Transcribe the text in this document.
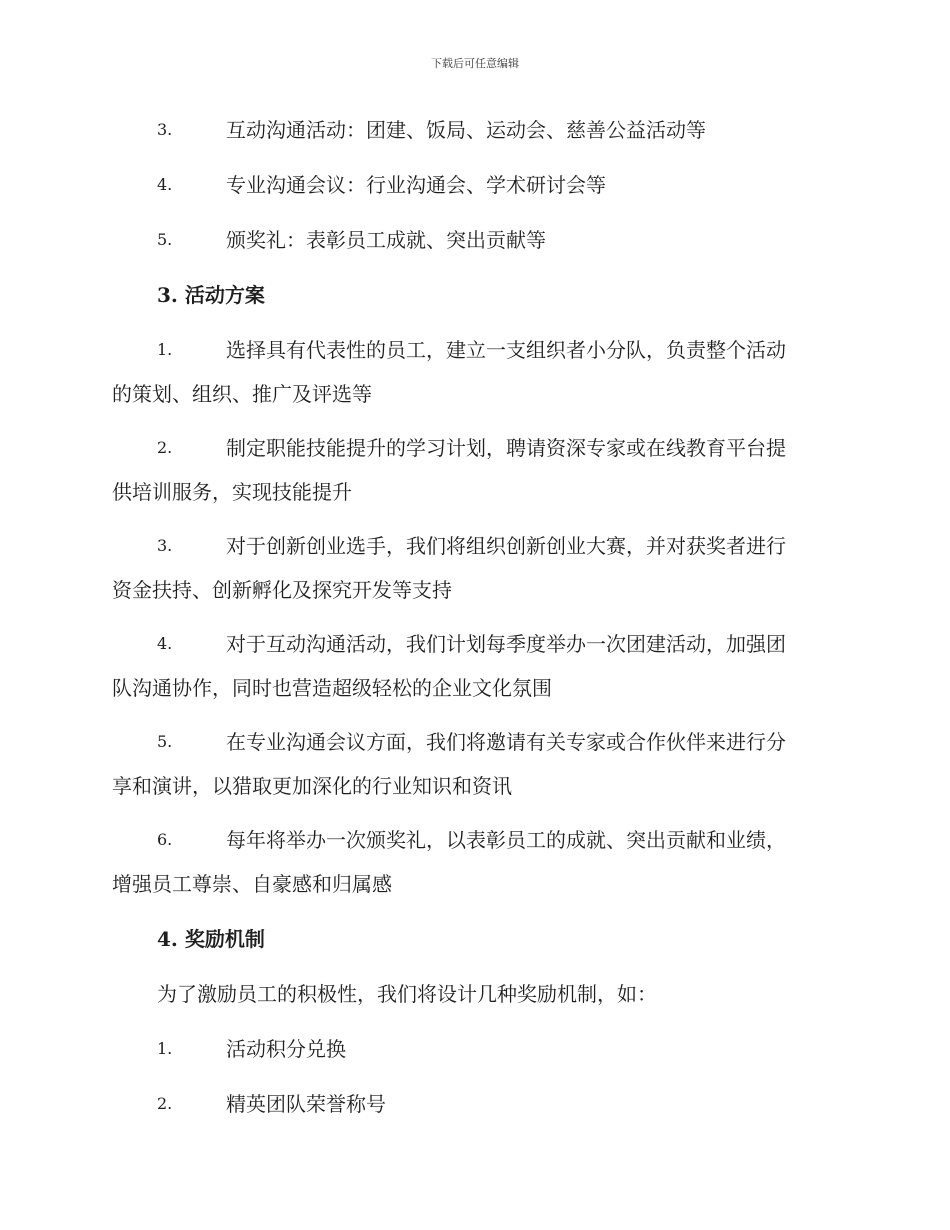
下载后可任意编辑
3.	互动沟通活动：团建、饭局、运动会、慈善公益活动等
4.	专业沟通会议：行业沟通会、学术研讨会等
5.	颁奖礼：表彰员工成就、突出贡献等
3. 活动方案
1.	选择具有代表性的员工，建立一支组织者小分队，负责整个活动
的策划、组织、推广及评选等
2.	制定职能技能提升的学习计划，聘请资深专家或在线教育平台提
供培训服务，实现技能提升
3.	对于创新创业选手，我们将组织创新创业大赛，并对获奖者进行
资金扶持、创新孵化及探究开发等支持
4.	对于互动沟通活动，我们计划每季度举办一次团建活动，加强团
队沟通协作，同时也营造超级轻松的企业文化氛围
5.	在专业沟通会议方面，我们将邀请有关专家或合作伙伴来进行分
享和演讲，以猎取更加深化的行业知识和资讯
6.	每年将举办一次颁奖礼，以表彰员工的成就、突出贡献和业绩，
增强员工尊崇、自豪感和归属感
4. 奖励机制
为了激励员工的积极性，我们将设计几种奖励机制，如：
1.	活动积分兑换
2.	精英团队荣誉称号
